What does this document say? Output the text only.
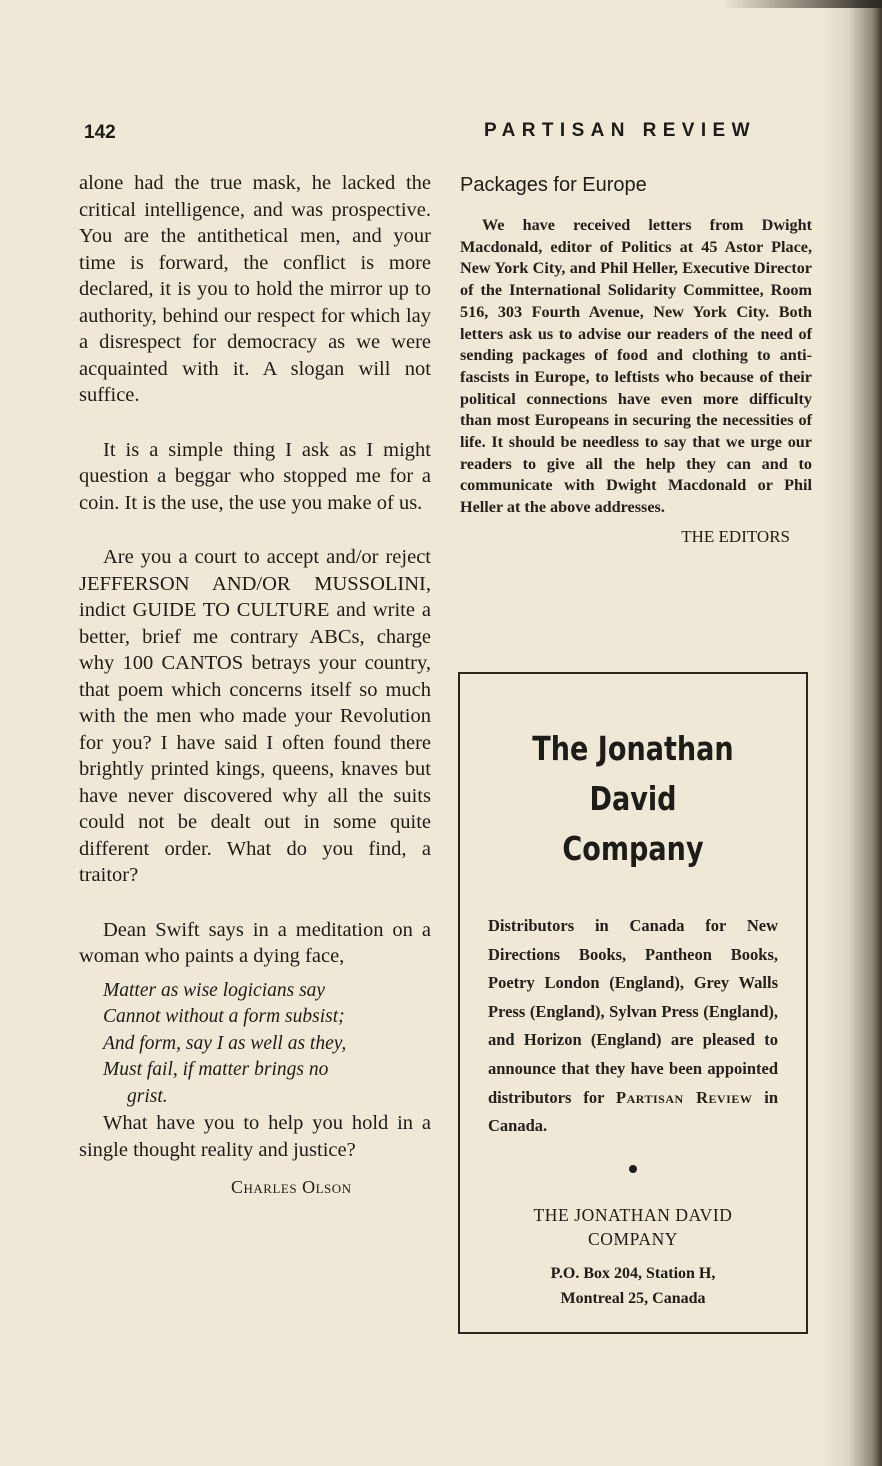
142	PARTISAN REVIEW

alone had the true mask, he lacked the critical intelligence, and was prospective. You are the antithetical men, and your time is forward, the conflict is more declared, it is you to hold the mirror up to authority, behind our respect for which lay a disrespect for democracy as we were acquainted with it. A slogan will not suffice.

It is a simple thing I ask as I might question a beggar who stopped me for a coin. It is the use, the use you make of us.

Are you a court to accept and/or reject JEFFERSON AND/OR MUSSOLINI, indict GUIDE TO CULTURE and write a better, brief me contrary ABCs, charge why 100 CANTOS betrays your country, that poem which concerns itself so much with the men who made your Revolution for you? I have said I often found there brightly printed kings, queens, knaves but have never discovered why all the suits could not be dealt out in some quite different order. What do you find, a traitor?

Dean Swift says in a meditation on a woman who paints a dying face,

Matter as wise logicians say
Cannot without a form subsist;
And form, say I as well as they,
Must fail, if matter brings no
grist.

What have you to help you hold in a single thought reality and justice?

Charles Olson
Packages for Europe

We have received letters from Dwight Macdonald, editor of Politics at 45 Astor Place, New York City, and Phil Heller, Executive Director of the International Solidarity Committee, Room 516, 303 Fourth Avenue, New York City. Both letters ask us to advise our readers of the need of sending packages of food and clothing to anti-fascists in Europe, to leftists who because of their political connections have even more difficulty than most Europeans in securing the necessities of life. It should be needless to say that we urge our readers to give all the help they can and to communicate with Dwight Macdonald or Phil Heller at the above addresses.

THE EDITORS
The Jonathan David
Company
Distributors in Canada for New Directions Books, Pantheon Books, Poetry London (England), Grey Walls Press (England), Sylvan Press (England), and Horizon (England) are pleased to announce that they have been appointed distributors for Partisan Review in Canada.
THE JONATHAN DAVID
COMPANY
P.O. Box 204, Station H,
Montreal 25, Canada
